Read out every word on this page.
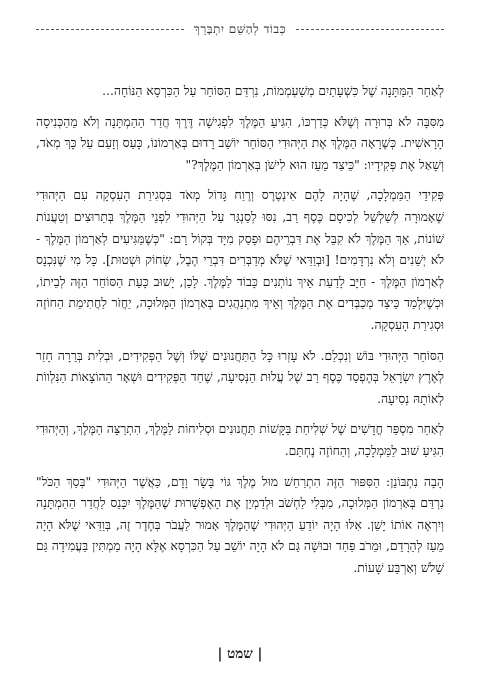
כְּבוֹד לְהַשֵּׁם יִתְבָּרֵךְ

לְאַחַר הַמַּתָּנָה שֶׁל כִּשְׁעָתַיִם מְשַׁעְמְמוֹת, נִרְדַּם הַסּוֹחֵר עַל הַכִּרְסָא הַנּוֹחָה...

מִסִּבָּה לֹא בְּרוּרָה וְשֶׁלֹּא כְּדַרְכּוֹ, הִגִּיעַ הַמֶּלֶךְ לִפְגִישָׁה דֶּרֶךְ חֲדַר הַהַמְתָּנָה וְלֹא מֵהַכְּנִיסָה הָרָאשִׁית. כְּשֶׁרָאָה הַמֶּלֶךְ אֶת הַיְּהוּדִי הַסּוֹחֵר יוֹשֵׁב רָדוּם בְּאַרְמוֹנוֹ, כָּעַס וְזָעַם עַל כָּךְ מְאֹד, וְשָׁאַל אֶת פְּקִידָיו: "כֵּיצַד מֵעֵז הוּא לִישֹׁן בְּאַרְמוֹן הַמֶּלֶךְ?"

פְּקִידֵי הַמַּמְלָכָה, שֶׁהָיָה לָהֶם אִינְטֶרֶס וְרֶוַח גָּדוֹל מְאֹד בִּסְגִירַת הָעִסְקָה עִם הַיְּהוּדִי שֶׁאָמוּרָה לְשַׁלְשֵׁל לְכִיסָם כֶּסֶף רַב, נִסּוּ לְסַנְגֵּר עַל הַיְּהוּדִי לִפְנֵי הַמֶּלֶךְ בְּתֵרוּצִים וְטַעֲנוֹת שׁוֹנוֹת, אַךְ הַמֶּלֶךְ לֹא קִבֵּל אֶת דִּבְרֵיהֶם וּפָסַק מִיָּד בְּקוֹל רָם: "כְּשֶׁמַּגִּיעִים לְאַרְמוֹן הַמֶּלֶךְ - לֹא יְשֵׁנִים וְלֹא נִרְדָּמִים! [וּבְוַדַּאי שֶׁלֹּא מְדַבְּרִים דִּבְרֵי הֶבֶל, שְׂחוֹק וּשְׁטוּת]. כָּל מִי שֶׁנִּכְנָס לְאַרְמוֹן הַמֶּלֶךְ - חַיָּב לָדַעַת אֵיךְ נוֹתְנִים כָּבוֹד לַמֶּלֶךְ. לָכֵן, יָשׁוּב כָּעֵת הַסּוֹחֵר הַזֶּה לְבֵיתוֹ, וּכְשֶׁיִּלְמַד כֵּיצַד מְכַבְּדִים אֶת הַמֶּלֶךְ וְאֵיךְ מִתְנַהֲגִים בְּאַרְמוֹן הַמְּלוּכָה, יַחֲזֹר לַחֲתִימַת הַחוֹזֶה וּסְגִירַת הָעִסְקָה.

הַסּוֹחֵר הַיְּהוּדִי בּוֹשׁ וְנִכְלַם. לֹא עָזְרוּ כָּל הַתַּחֲנוּנִים שֶׁלּוֹ וְשֶׁל הַפְּקִידִים, וּבְלִית בְּרֵרָה חָזַר לְאֶרֶץ יִשְׂרָאֵל בְּהֶפְסֵד כֶּסֶף רַב שֶׁל עֲלוּת הַנְּסִיעָה, שֶׁחַד הַפְּקִידִים וּשְׁאָר הַהוֹצָאוֹת הַנִּלְווֹת לְאוֹתָהּ נְסִיעָה.

לְאַחַר מִסְפַּר חֳדָשִׁים שֶׁל שְׁלִיחַת בַּקָּשׁוֹת תַּחֲנוּנִים וּסְלִיחוֹת לַמֶּלֶךְ, הִתְרַצָּה הַמֶּלֶךְ, וְהַיְּהוּדִי הִגִּיעַ שׁוּב לַמַּמְלָכָה, וְהַחוֹזֶה נֶחְתַּם.

הָבָה נִתְבּוֹנֵן: הַסִּפּוּר הַזֶּה הִתְרַחֵשׁ מוּל מֶלֶךְ גּוֹי בָּשָׂר וָדָם, כַּאֲשֶׁר הַיְּהוּדִי "בְּסַךְ הַכֹּל" נִרְדַּם בְּאַרְמוֹן הַמְּלוּכָה, מִבְּלִי לַחְשֹׁב וּלְדַמְיֵן אֶת הָאֶפְשָׁרוּת שֶׁהַמֶּלֶךְ יִכָּנֵס לַחֲדַר הַהַמְתָּנָה וְיִרְאֶה אוֹתוֹ יָשֵׁן. אִלּוּ הָיָה יוֹדֵעַ הַיְּהוּדִי שֶׁהַמֶּלֶךְ אָמוּר לַעֲבֹר בְּחֶדֶר זֶה, בְּוַדַּאי שֶׁלֹּא הָיָה מֵעֵז לְהֵרָדֵם, וּמֵרֹב פַּחַד וּבוּשָׁה גַּם לֹא הָיָה יוֹשֵׁב עַל הַכִּרְסָא אֶלָּא הָיָה מַמְתִּין בַּעֲמִידָה גַּם שָׁלֹשׁ וְאַרְבַּע שָׁעוֹת.

| שמט |
